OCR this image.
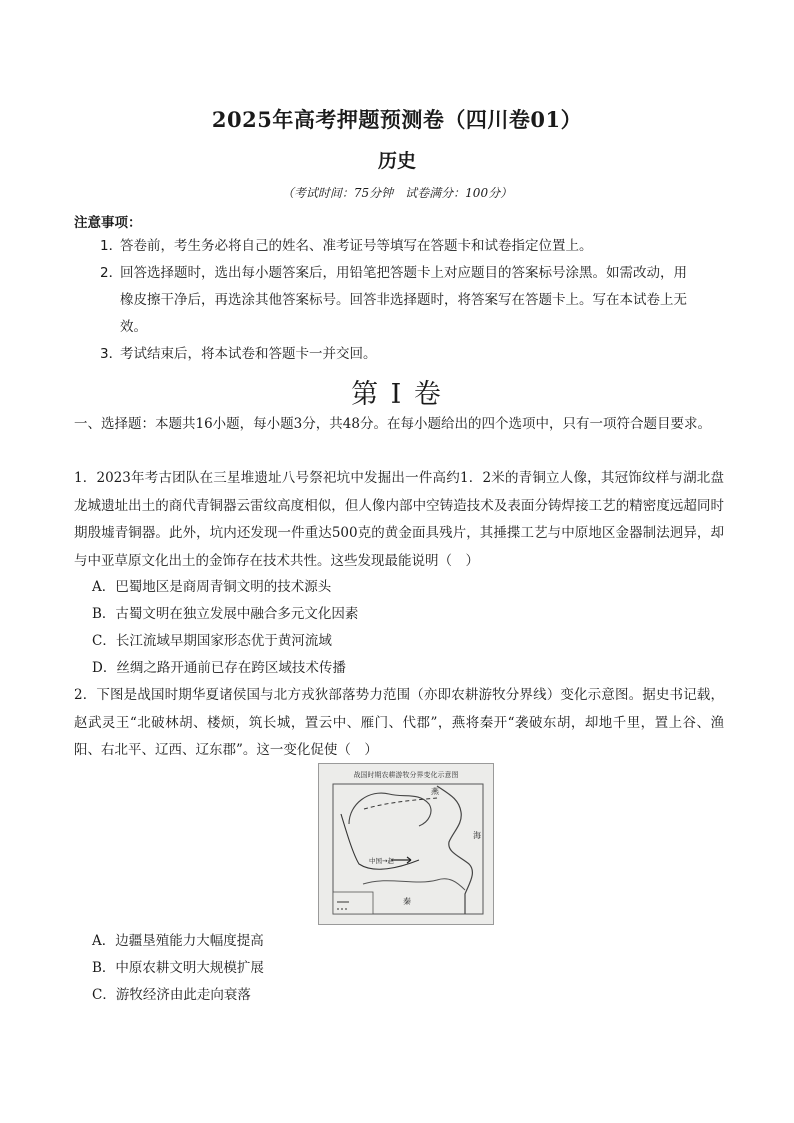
2025年高考押题预测卷（四川卷01）
历史
（考试时间：75分钟　试卷满分：100分）
注意事项：
1．答卷前，考生务必将自己的姓名、准考证号等填写在答题卡和试卷指定位置上。
2．回答选择题时，选出每小题答案后，用铅笔把答题卡上对应题目的答案标号涂黑。如需改动，用
橡皮擦干净后，再选涂其他答案标号。回答非选择题时，将答案写在答题卡上。写在本试卷上无
效。
3．考试结束后，将本试卷和答题卡一并交回。
第 I 卷
一、选择题：本题共16小题，每小题3分，共48分。在每小题给出的四个选项中，只有一项符合题目要求。
1．2023年考古团队在三星堆遗址八号祭祀坑中发掘出一件高约1．2米的青铜立人像，其冠饰纹样与湖北盘龙城遗址出土的商代青铜器云雷纹高度相似，但人像内部中空铸造技术及表面分铸焊接工艺的精密度远超同时期殷墟青铜器。此外，坑内还发现一件重达500克的黄金面具残片，其捶揲工艺与中原地区金器制法迥异，却与中亚草原文化出土的金饰存在技术共性。这些发现最能说明（　）
A．巴蜀地区是商周青铜文明的技术源头
B．古蜀文明在独立发展中融合多元文化因素
C．长江流域早期国家形态优于黄河流域
D．丝绸之路开通前已存在跨区域技术传播
2．下图是战国时期华夏诸侯国与北方戎狄部落势力范围（亦即农耕游牧分界线）变化示意图。据史书记载，赵武灵王“北破林胡、楼烦，筑长城，置云中、雁门、代郡”，燕将秦开“袭破东胡，却地千里，置上谷、渔阳、右北平、辽西、辽东郡”。这一变化促使（　）
战国时期农耕游牧分界变化示意图
燕
海
中国→赵
秦
A．边疆垦殖能力大幅度提高
B．中原农耕文明大规模扩展
C．游牧经济由此走向衰落
